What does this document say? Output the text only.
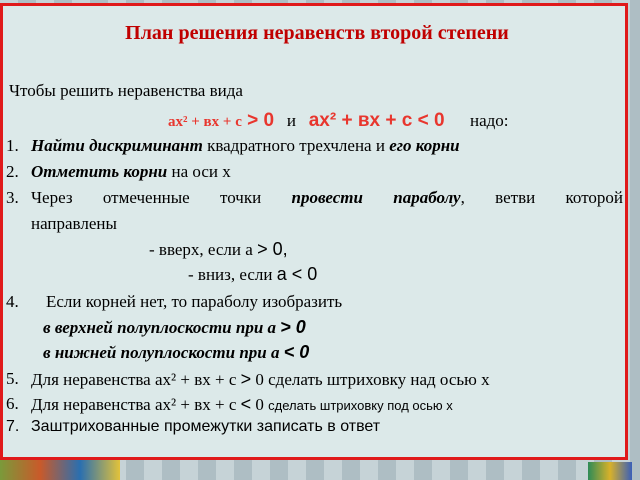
План решения неравенств второй степени
Чтобы решить неравенства вида
ах² + вх + с > 0 и ах² + вх + с < 0 надо:
1. Найти дискриминант квадратного трехчлена и его корни
2. Отметить корни на оси х
3. Через отмеченные точки провести параболу, ветви которой
направлены
- вверх, если а > 0,
- вниз, если а < 0
4. Если корней нет, то параболу изобразить
в верхней полуплоскости при а > 0
в нижней полуплоскости при а < 0
5. Для неравенства ах² + вх + с > 0 сделать штриховку над осью х
6. Для неравенства ах² + вх + с < 0 сделать штриховку под осью х
7. Заштрихованные промежутки записать в ответ
